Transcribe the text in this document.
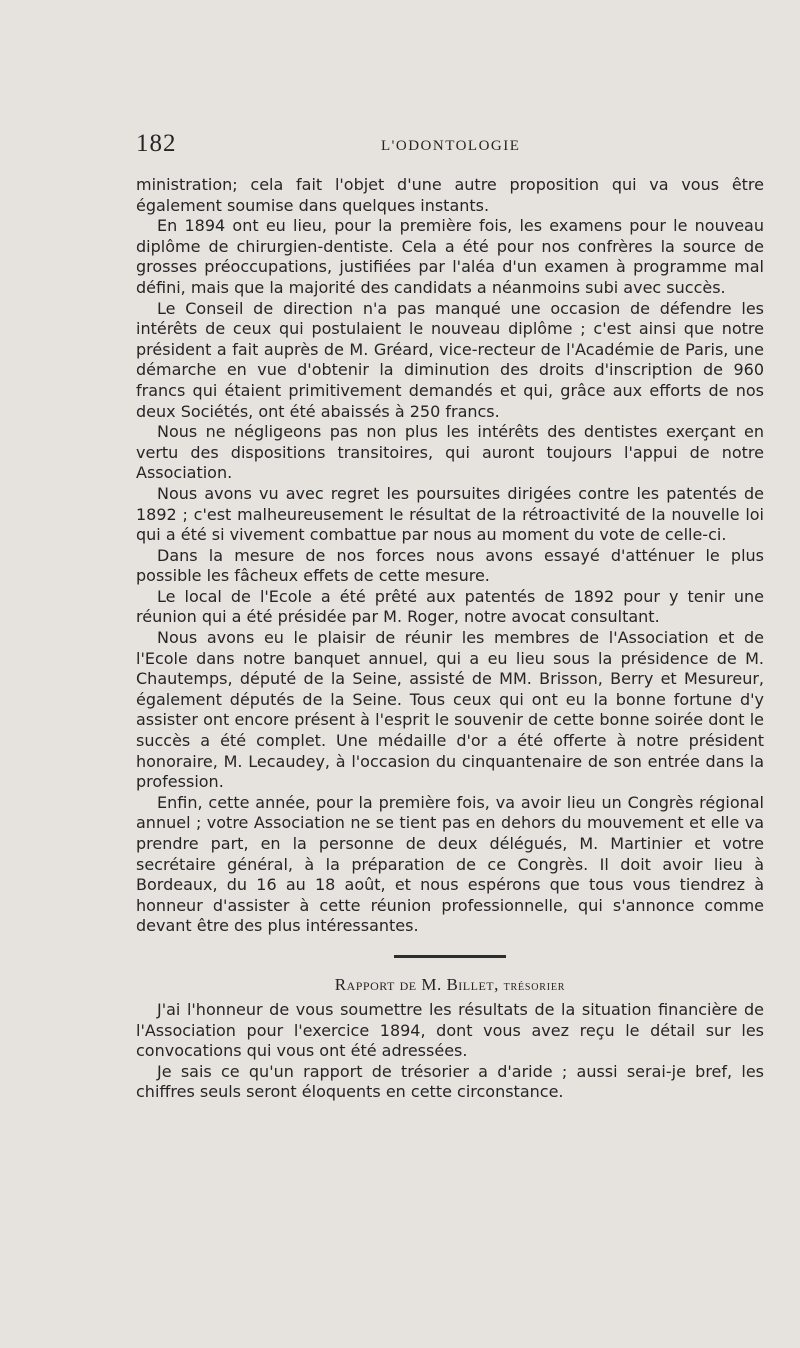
182	L'ODONTOLOGIE

ministration; cela fait l'objet d'une autre proposition qui va vous être également soumise dans quelques instants.

En 1894 ont eu lieu, pour la première fois, les examens pour le nouveau diplôme de chirurgien-dentiste. Cela a été pour nos confrères la source de grosses préoccupations, justifiées par l'aléa d'un examen à programme mal défini, mais que la majorité des candidats a néanmoins subi avec succès.

Le Conseil de direction n'a pas manqué une occasion de défendre les intérêts de ceux qui postulaient le nouveau diplôme ; c'est ainsi que notre président a fait auprès de M. Gréard, vice-recteur de l'Académie de Paris, une démarche en vue d'obtenir la diminution des droits d'inscription de 960 francs qui étaient primitivement demandés et qui, grâce aux efforts de nos deux Sociétés, ont été abaissés à 250 francs.

Nous ne négligeons pas non plus les intérêts des dentistes exerçant en vertu des dispositions transitoires, qui auront toujours l'appui de notre Association.

Nous avons vu avec regret les poursuites dirigées contre les patentés de 1892 ; c'est malheureusement le résultat de la rétroactivité de la nouvelle loi qui a été si vivement combattue par nous au moment du vote de celle-ci.

Dans la mesure de nos forces nous avons essayé d'atténuer le plus possible les fâcheux effets de cette mesure.

Le local de l'Ecole a été prêté aux patentés de 1892 pour y tenir une réunion qui a été présidée par M. Roger, notre avocat consultant.

Nous avons eu le plaisir de réunir les membres de l'Association et de l'Ecole dans notre banquet annuel, qui a eu lieu sous la présidence de M. Chautemps, député de la Seine, assisté de MM. Brisson, Berry et Mesureur, également députés de la Seine. Tous ceux qui ont eu la bonne fortune d'y assister ont encore présent à l'esprit le souvenir de cette bonne soirée dont le succès a été complet. Une médaille d'or a été offerte à notre président honoraire, M. Lecaudey, à l'occasion du cinquantenaire de son entrée dans la profession.

Enfin, cette année, pour la première fois, va avoir lieu un Congrès régional annuel ; votre Association ne se tient pas en dehors du mouvement et elle va prendre part, en la personne de deux délégués, M. Martinier et votre secrétaire général, à la préparation de ce Congrès. Il doit avoir lieu à Bordeaux, du 16 au 18 août, et nous espérons que tous vous tiendrez à honneur d'assister à cette réunion professionnelle, qui s'annonce comme devant être des plus intéressantes.

Rapport de M. Billet, trésorier

J'ai l'honneur de vous soumettre les résultats de la situation financière de l'Association pour l'exercice 1894, dont vous avez reçu le détail sur les convocations qui vous ont été adressées.

Je sais ce qu'un rapport de trésorier a d'aride ; aussi serai-je bref, les chiffres seuls seront éloquents en cette circonstance.
